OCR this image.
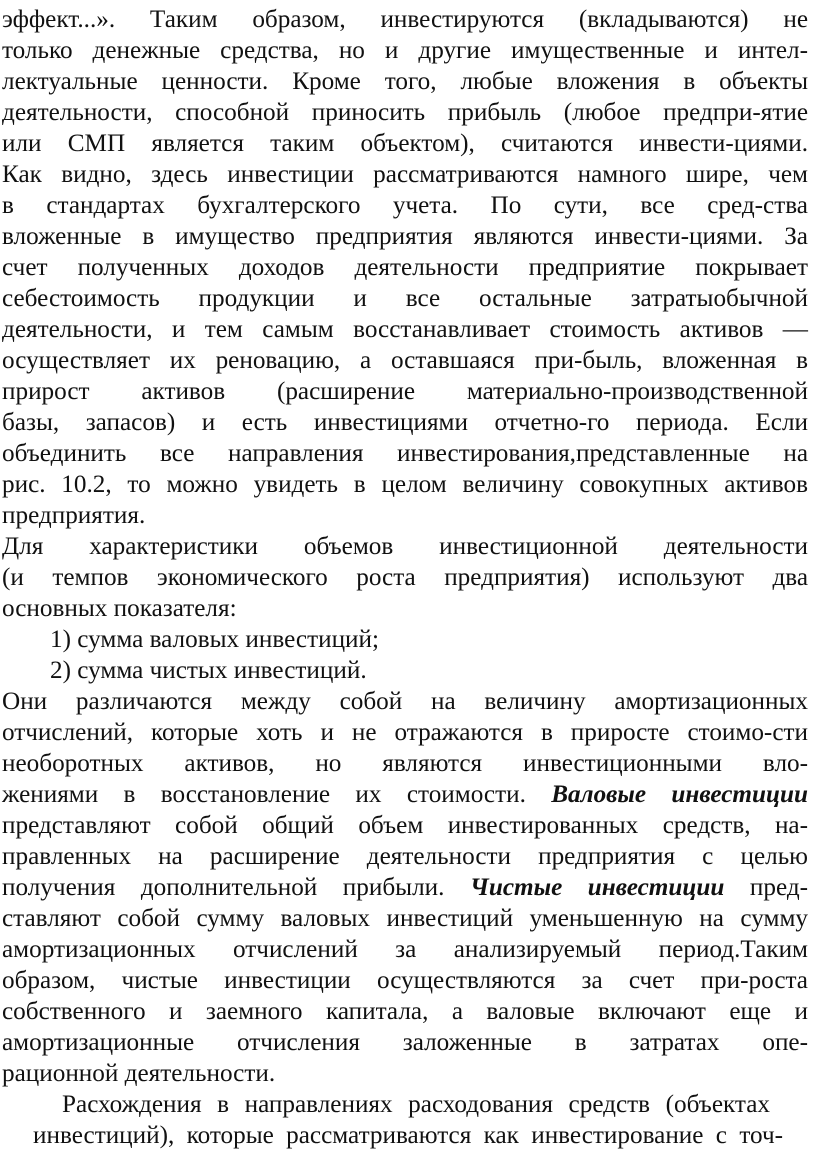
эффект...». Таким образом, инвестируются (вкладываются) не
только денежные средства, но и другие имущественные и интел-
лектуальные ценности. Кроме того, любые вложения в объекты
деятельности, способной приносить прибыль (любое предпри-ятие
или СМП является таким объектом), считаются инвести-циями.
Как видно, здесь инвестиции рассматриваются намного шире, чем
в стандартах бухгалтерского учета. По сути, все сред-ства
вложенные в имущество предприятия являются инвести-циями. За
счет полученных доходов деятельности предприятие покрывает
себестоимость продукции и все остальные затратыобычной
деятельности, и тем самым восстанавливает стоимость активов —
осуществляет их реновацию, а оставшаяся при-быль, вложенная в
прирост активов (расширение материально-производственной
базы, запасов) и есть инвестициями отчетно-го периода. Если
объединить все направления инвестирования,представленные на
рис. 10.2, то можно увидеть в целом величину совокупных активов
предприятия.
Для характеристики объемов инвестиционной деятельности
(и темпов экономического роста предприятия) используют два
основных показателя:
1) сумма валовых инвестиций;
2) сумма чистых инвестиций.
Они различаются между собой на величину амортизационных
отчислений, которые хоть и не отражаются в приросте стоимо-сти
необоротных активов, но являются инвестиционными вло-
жениями в восстановление их стоимости. Валовые инвестиции
представляют собой общий объем инвестированных средств, на-
правленных на расширение деятельности предприятия с целью
получения дополнительной прибыли. Чистые инвестиции пред-
ставляют собой сумму валовых инвестиций уменьшенную на сумму
амортизационных отчислений за анализируемый период.Таким
образом, чистые инвестиции осуществляются за счет при-роста
собственного и заемного капитала, а валовые включают еще и
амортизационные отчисления заложенные в затратах опе-
рационной деятельности.
Расхождения в направлениях расходования средств (объектах
инвестиций), которые рассматриваются как инвестирование с точ-
